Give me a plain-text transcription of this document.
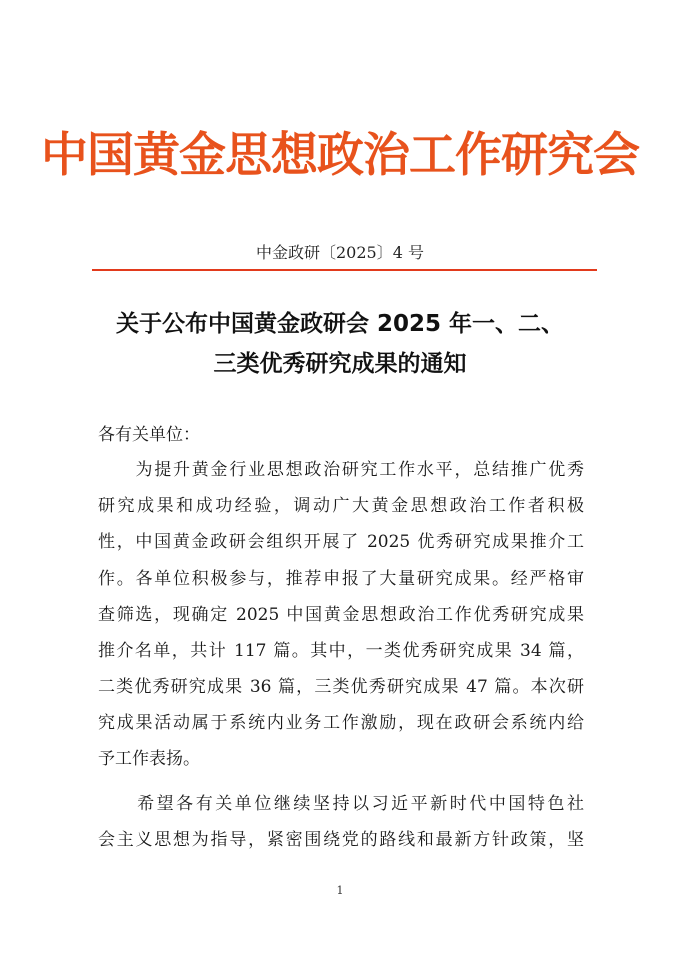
中国黄金思想政治工作研究会
中金政研〔2025〕4 号
关于公布中国黄金政研会 2025 年一、二、
三类优秀研究成果的通知
各有关单位：
　　为提升黄金行业思想政治研究工作水平，总结推广优秀
研究成果和成功经验，调动广大黄金思想政治工作者积极
性，中国黄金政研会组织开展了 2025 优秀研究成果推介工
作。各单位积极参与，推荐申报了大量研究成果。经严格审
查筛选，现确定 2025 中国黄金思想政治工作优秀研究成果
推介名单，共计 117 篇。其中，一类优秀研究成果 34 篇，
二类优秀研究成果 36 篇，三类优秀研究成果 47 篇。本次研
究成果活动属于系统内业务工作激励，现在政研会系统内给
予工作表扬。
　　希望各有关单位继续坚持以习近平新时代中国特色社
会主义思想为指导，紧密围绕党的路线和最新方针政策，坚
1
